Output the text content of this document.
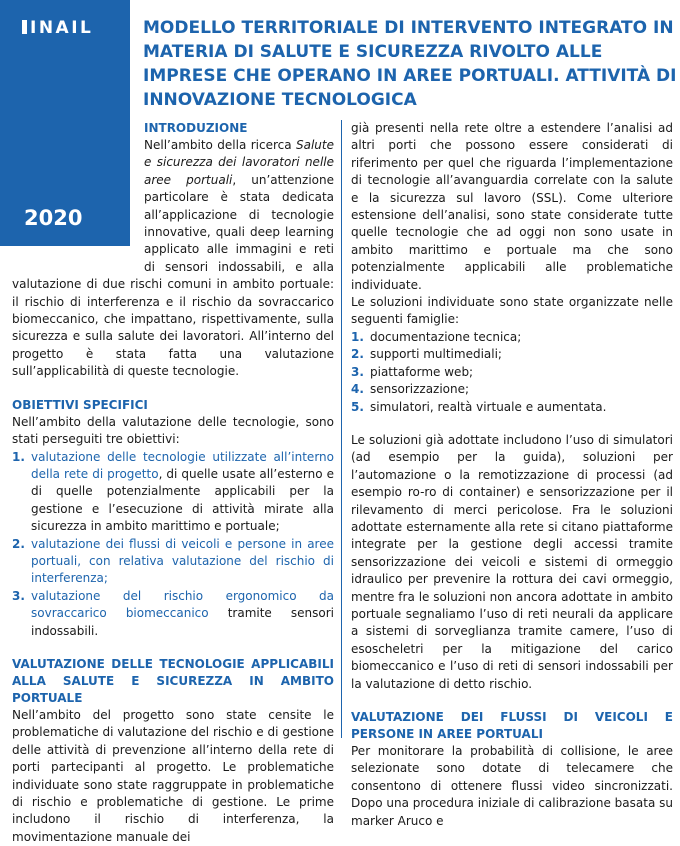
INAIL
2020
MODELLO TERRITORIALE DI INTERVENTO INTEGRATO IN MATERIA DI SALUTE E SICUREZZA RIVOLTO ALLE IMPRESE CHE OPERANO IN AREE PORTUALI. ATTIVITÀ DI INNOVAZIONE TECNOLOGICA
INTRODUZIONE

Nell’ambito della ricerca Salute e sicurezza dei lavoratori nelle aree portuali, un’attenzione particolare è stata dedicata all’applicazione di tecnologie innovative, quali deep learning applicato alle immagini e reti di sensori indossabili, e alla valutazione di due rischi comuni in ambito portuale: il rischio di interferenza e il rischio da sovraccarico biomeccanico, che impattano, rispettivamente, sulla sicurezza e sulla salute dei lavoratori. All’interno del progetto è stata fatta una valutazione sull’applicabilità di queste tecnologie.

OBIETTIVI SPECIFICI

Nell’ambito della valutazione delle tecnologie, sono stati perseguiti tre obiettivi:

1. valutazione delle tecnologie utilizzate all’interno della rete di progetto, di quelle usate all’esterno e di quelle potenzialmente applicabili per la gestione e l’esecuzione di attività mirate alla sicurezza in ambito marittimo e portuale;
2. valutazione dei flussi di veicoli e persone in aree portuali, con relativa valutazione del rischio di interferenza;
3. valutazione del rischio ergonomico da sovraccarico biomeccanico tramite sensori indossabili.
VALUTAZIONE DELLE TECNOLOGIE APPLICABILI ALLA SALUTE E SICUREZZA IN AMBITO PORTUALE

Nell’ambito del progetto sono state censite le problematiche di valutazione del rischio e di gestione delle attività di prevenzione all’interno della rete di porti partecipanti al progetto. Le problematiche individuate sono state raggruppate in problematiche di rischio e problematiche di gestione. Le prime includono il rischio di interferenza, la movimentazione manuale dei

già presenti nella rete oltre a estendere l’analisi ad altri porti che possono essere considerati di riferimento per quel che riguarda l’implementazione di tecnologie all’avanguardia correlate con la salute e la sicurezza sul lavoro (SSL). Come ulteriore estensione dell’analisi, sono state considerate tutte quelle tecnologie che ad oggi non sono usate in ambito marittimo e portuale ma che sono potenzialmente applicabili alle problematiche individuate.

Le soluzioni individuate sono state organizzate nelle seguenti famiglie:

1. documentazione tecnica;
2. supporti multimediali;
3. piattaforme web;
4. sensorizzazione;
5. simulatori, realtà virtuale e aumentata.

Le soluzioni già adottate includono l’uso di simulatori (ad esempio per la guida), soluzioni per l’automazione o la remotizzazione di processi (ad esempio ro-ro di container) e sensorizzazione per il rilevamento di merci pericolose. Fra le soluzioni adottate esternamente alla rete si citano piattaforme integrate per la gestione degli accessi tramite sensorizzazione dei veicoli e sistemi di ormeggio idraulico per prevenire la rottura dei cavi ormeggio, mentre fra le soluzioni non ancora adottate in ambito portuale segnaliamo l’uso di reti neurali da applicare a sistemi di sorveglianza tramite camere, l’uso di esoscheletri per la mitigazione del carico biomeccanico e l’uso di reti di sensori indossabili per la valutazione di detto rischio.

VALUTAZIONE DEI FLUSSI DI VEICOLI E PERSONE IN AREE PORTUALI

Per monitorare la probabilità di collisione, le aree selezionate sono dotate di telecamere che consentono di ottenere flussi video sincronizzati. Dopo una procedura iniziale di calibrazione basata su marker Aruco e
